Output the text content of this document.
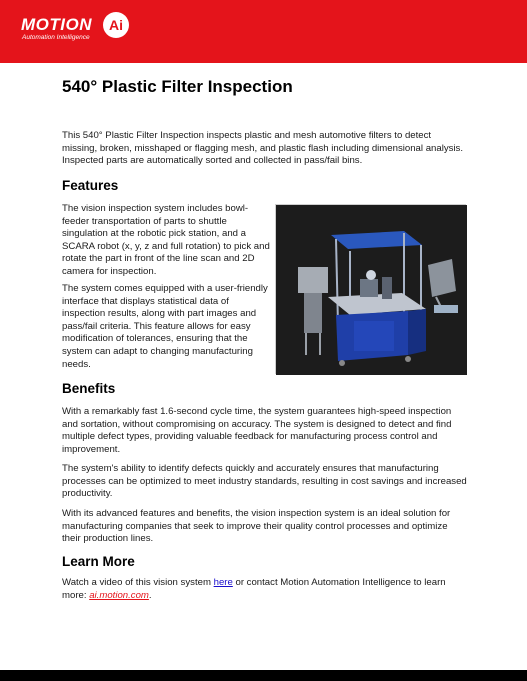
MOTION	Ai
Automation Intelligence
540° Plastic Filter Inspection

This 540° Plastic Filter Inspection inspects plastic and mesh automotive filters to detect missing, broken, misshaped or flagging mesh, and plastic flash including dimensional analysis. Inspected parts are automatically sorted and collected in pass/fail bins.

Features

The vision inspection system includes bowl-feeder transportation of parts to shuttle singulation at the robotic pick station, and a SCARA robot (x, y, z and full rotation) to pick and rotate the part in front of the line scan and 2D camera for inspection.

The system comes equipped with a user-friendly interface that displays statistical data of inspection results, along with part images and pass/fail criteria. This feature allows for easy modification of tolerances, ensuring that the system can adapt to changing manufacturing needs.

Benefits

With a remarkably fast 1.6-second cycle time, the system guarantees high-speed inspection and sortation, without compromising on accuracy. The system is designed to detect and find multiple defect types, providing valuable feedback for manufacturing process control and improvement.

The system's ability to identify defects quickly and accurately ensures that manufacturing processes can be optimized to meet industry standards, resulting in cost savings and increased productivity.

With its advanced features and benefits, the vision inspection system is an ideal solution for manufacturing companies that seek to improve their quality control processes and optimize their production lines.

Learn More

Watch a video of this vision system here or contact Motion Automation Intelligence to learn more: ai.motion.com.
